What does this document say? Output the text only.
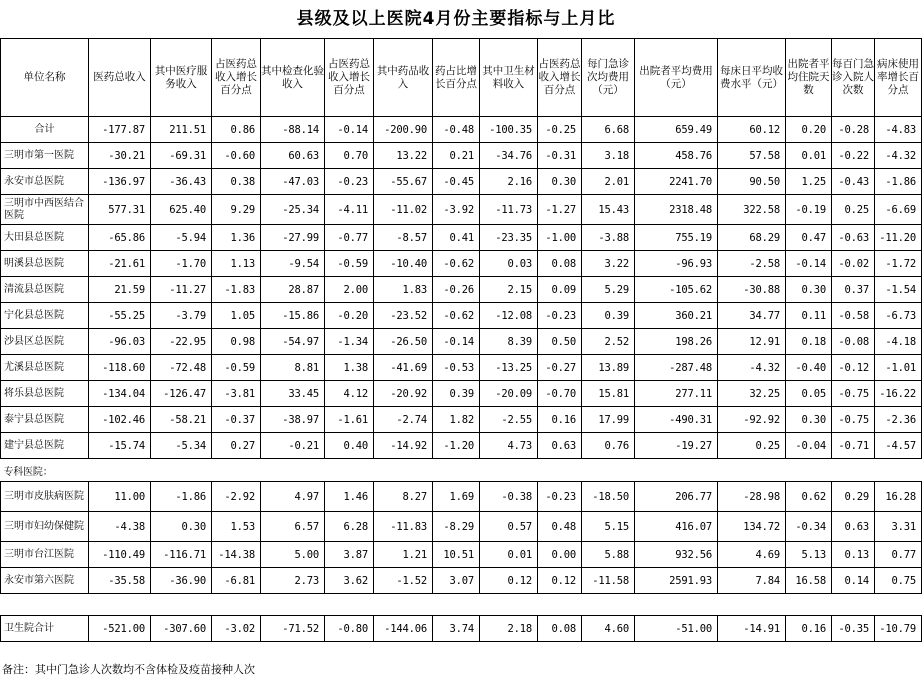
县级及以上医院4月份主要指标与上月比
单位名称	医药总收入	其中医疗服务收入	占医药总收入增长百分点	其中检查化验收入	占医药总收入增长百分点	其中药品收入	药占比增长百分点	其中卫生材料收入	占医药总收入增长百分点	每门急诊次均费用（元）	出院者平均费用（元）	每床日平均收费水平（元）	出院者平均住院天数	每百门急诊入院人次数	病床使用率增长百分点
合计	-177.87	211.51	0.86	-88.14	-0.14	-200.90	-0.48	-100.35	-0.25	6.68	659.49	60.12	0.20	-0.28	-4.83
三明市第一医院	-30.21	-69.31	-0.60	60.63	0.70	13.22	0.21	-34.76	-0.31	3.18	458.76	57.58	0.01	-0.22	-4.32
永安市总医院	-136.97	-36.43	0.38	-47.03	-0.23	-55.67	-0.45	2.16	0.30	2.01	2241.70	90.50	1.25	-0.43	-1.86
三明市中西医结合医院	577.31	625.40	9.29	-25.34	-4.11	-11.02	-3.92	-11.73	-1.27	15.43	2318.48	322.58	-0.19	0.25	-6.69
大田县总医院	-65.86	-5.94	1.36	-27.99	-0.77	-8.57	0.41	-23.35	-1.00	-3.88	755.19	68.29	0.47	-0.63	-11.20
明溪县总医院	-21.61	-1.70	1.13	-9.54	-0.59	-10.40	-0.62	0.03	0.08	3.22	-96.93	-2.58	-0.14	-0.02	-1.72
清流县总医院	21.59	-11.27	-1.83	28.87	2.00	1.83	-0.26	2.15	0.09	5.29	-105.62	-30.88	0.30	0.37	-1.54
宁化县总医院	-55.25	-3.79	1.05	-15.86	-0.20	-23.52	-0.62	-12.08	-0.23	0.39	360.21	34.77	0.11	-0.58	-6.73
沙县区总医院	-96.03	-22.95	0.98	-54.97	-1.34	-26.50	-0.14	8.39	0.50	2.52	198.26	12.91	0.18	-0.08	-4.18
尤溪县总医院	-118.60	-72.48	-0.59	8.81	1.38	-41.69	-0.53	-13.25	-0.27	13.89	-287.48	-4.32	-0.40	-0.12	-1.01
将乐县总医院	-134.04	-126.47	-3.81	33.45	4.12	-20.92	0.39	-20.09	-0.70	15.81	277.11	32.25	0.05	-0.75	-16.22
泰宁县总医院	-102.46	-58.21	-0.37	-38.97	-1.61	-2.74	1.82	-2.55	0.16	17.99	-490.31	-92.92	0.30	-0.75	-2.36
建宁县总医院	-15.74	-5.34	0.27	-0.21	0.40	-14.92	-1.20	4.73	0.63	0.76	-19.27	0.25	-0.04	-0.71	-4.57
专科医院：															
三明市皮肤病医院	11.00	-1.86	-2.92	4.97	1.46	8.27	1.69	-0.38	-0.23	-18.50	206.77	-28.98	0.62	0.29	16.28
三明市妇幼保健院	-4.38	0.30	1.53	6.57	6.28	-11.83	-8.29	0.57	0.48	5.15	416.07	134.72	-0.34	0.63	3.31
三明市台江医院	-110.49	-116.71	-14.38	5.00	3.87	1.21	10.51	0.01	0.00	5.88	932.56	4.69	5.13	0.13	0.77
永安市第六医院	-35.58	-36.90	-6.81	2.73	3.62	-1.52	3.07	0.12	0.12	-11.58	2591.93	7.84	16.58	0.14	0.75

卫生院合计	-521.00	-307.60	-3.02	-71.52	-0.80	-144.06	3.74	2.18	0.08	4.60	-51.00	-14.91	0.16	-0.35	-10.79
备注：其中门急诊人次数均不含体检及疫苗接种人次
